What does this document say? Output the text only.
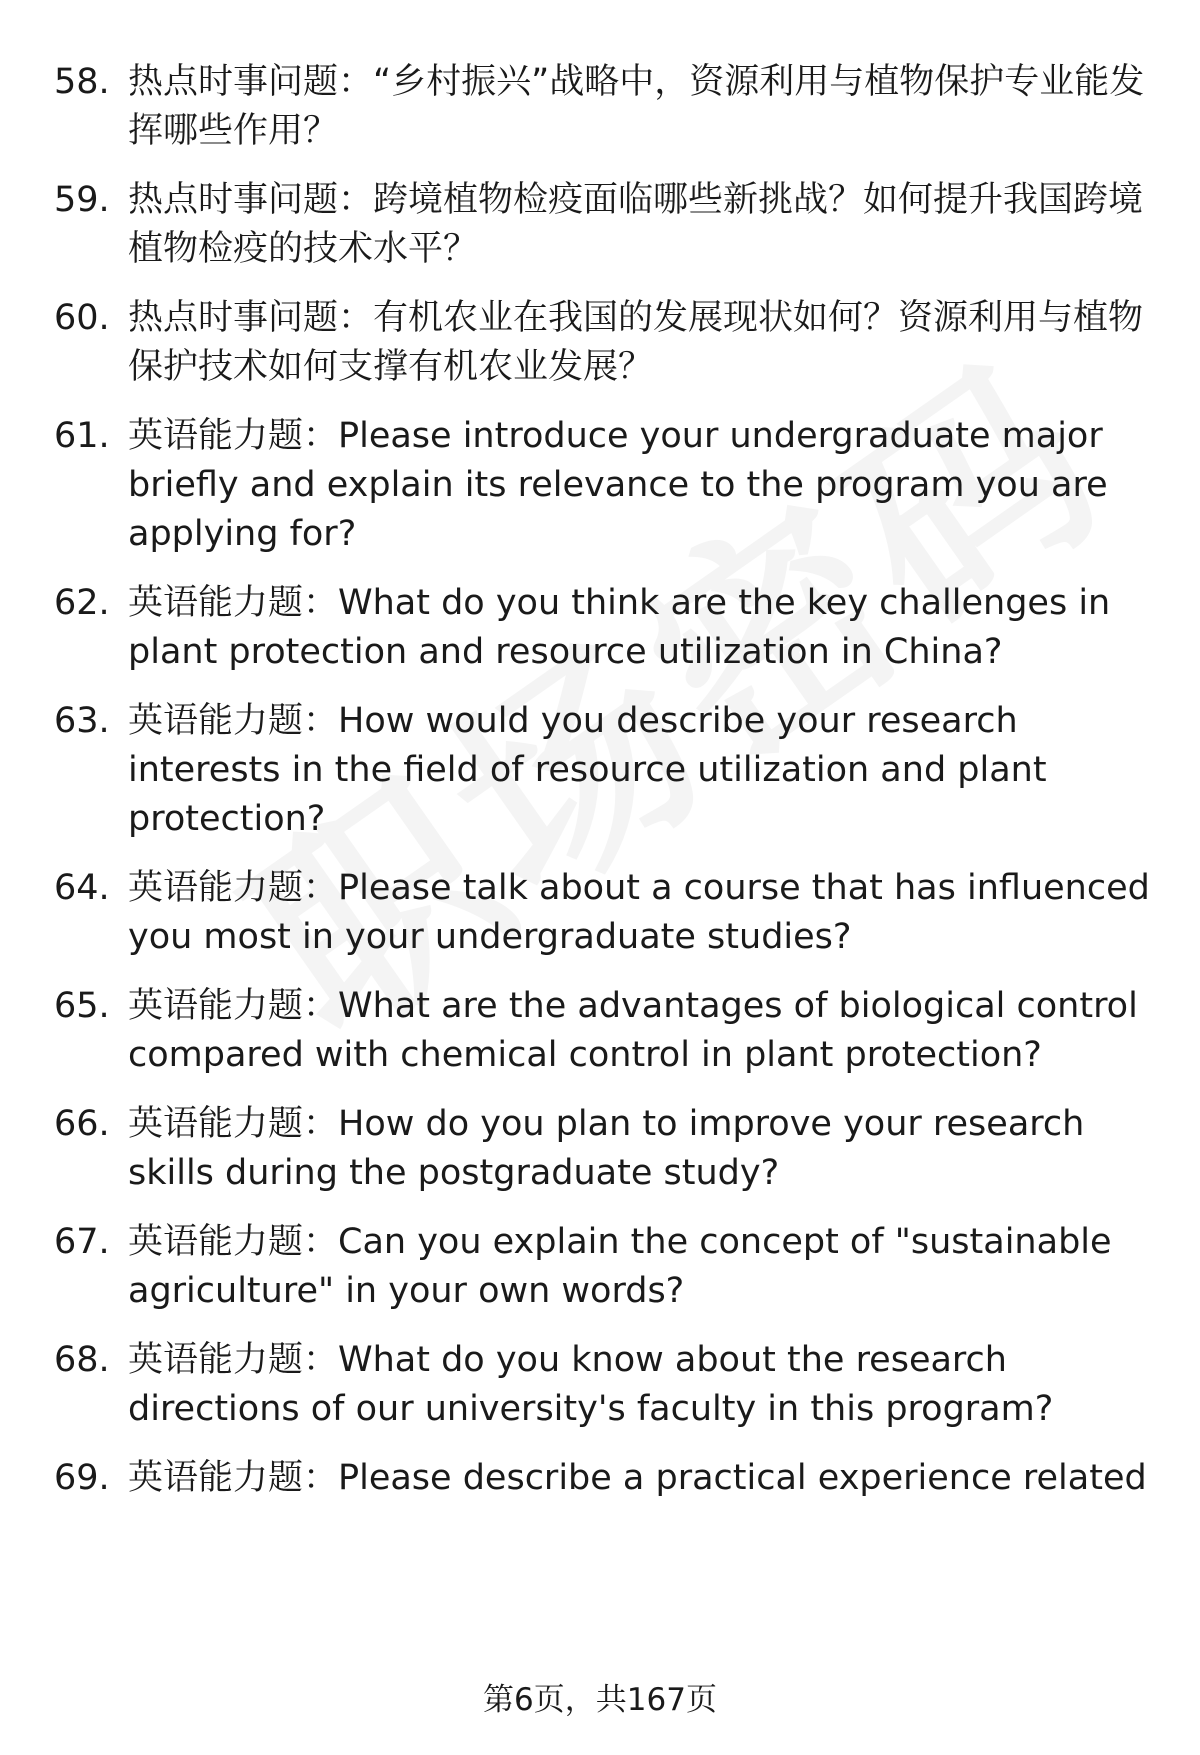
58. 热点时事问题：“乡村振兴”战略中，资源利用与植物保护专业能发挥哪些作用？
59. 热点时事问题：跨境植物检疫面临哪些新挑战？如何提升我国跨境植物检疫的技术水平？
60. 热点时事问题：有机农业在我国的发展现状如何？资源利用与植物保护技术如何支撑有机农业发展？
61. 英语能力题：Please introduce your undergraduate major briefly and explain its relevance to the program you are applying for?
62. 英语能力题：What do you think are the key challenges in plant protection and resource utilization in China?
63. 英语能力题：How would you describe your research interests in the field of resource utilization and plant protection?
64. 英语能力题：Please talk about a course that has influenced you most in your undergraduate studies?
65. 英语能力题：What are the advantages of biological control compared with chemical control in plant protection?
66. 英语能力题：How do you plan to improve your research skills during the postgraduate study?
67. 英语能力题：Can you explain the concept of "sustainable agriculture" in your own words?
68. 英语能力题：What do you know about the research directions of our university's faculty in this program?
69. 英语能力题：Please describe a practical experience related
第6页，共167页
